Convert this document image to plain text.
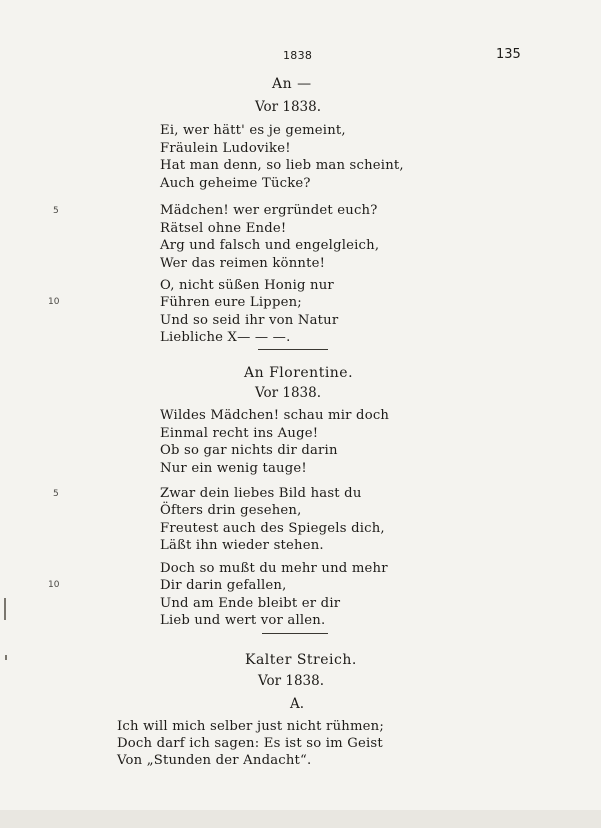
1838	135
An —
Vor 1838.
Ei, wer hätt' es je gemeint,
Fräulein Ludovike!
Hat man denn, so lieb man scheint,
Auch geheime Tücke?
5	Mädchen! wer ergründet euch?
Rätsel ohne Ende!
Arg und falsch und engelgleich,
Wer das reimen könnte!
O, nicht süßen Honig nur
10	Führen eure Lippen;
Und so seid ihr von Natur
Liebliche X— — —.
An Florentine.
Vor 1838.
Wildes Mädchen! schau mir doch
Einmal recht ins Auge!
Ob so gar nichts dir darin
Nur ein wenig tauge!
5	Zwar dein liebes Bild hast du
Öfters drin gesehen,
Freutest auch des Spiegels dich,
Läßt ihn wieder stehen.
Doch so mußt du mehr und mehr
10	Dir darin gefallen,
Und am Ende bleibt er dir
Lieb und wert vor allen.
Kalter Streich.
Vor 1838.
A.
Ich will mich selber just nicht rühmen;
Doch darf ich sagen: Es ist so im Geist
Von „Stunden der Andacht“.
